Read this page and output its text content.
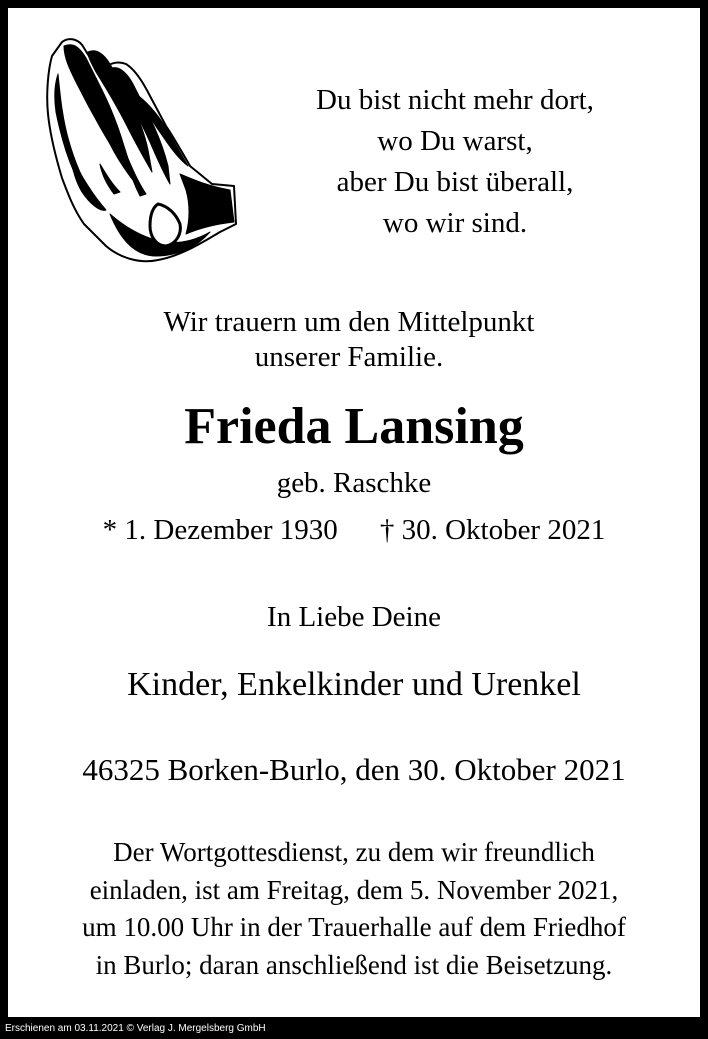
Du bist nicht mehr dort,
wo Du warst,
aber Du bist überall,
wo wir sind.
Wir trauern um den Mittelpunkt
unserer Familie.
Frieda Lansing
geb. Raschke
* 1. Dezember 1930 † 30. Oktober 2021
In Liebe Deine
Kinder, Enkelkinder und Urenkel
46325 Borken-Burlo, den 30. Oktober 2021
Der Wortgottesdienst, zu dem wir freundlich
einladen, ist am Freitag, dem 5. November 2021,
um 10.00 Uhr in der Trauerhalle auf dem Friedhof
in Burlo; daran anschließend ist die Beisetzung.
Erschienen am 03.11.2021 © Verlag J. Mergelsberg GmbH
